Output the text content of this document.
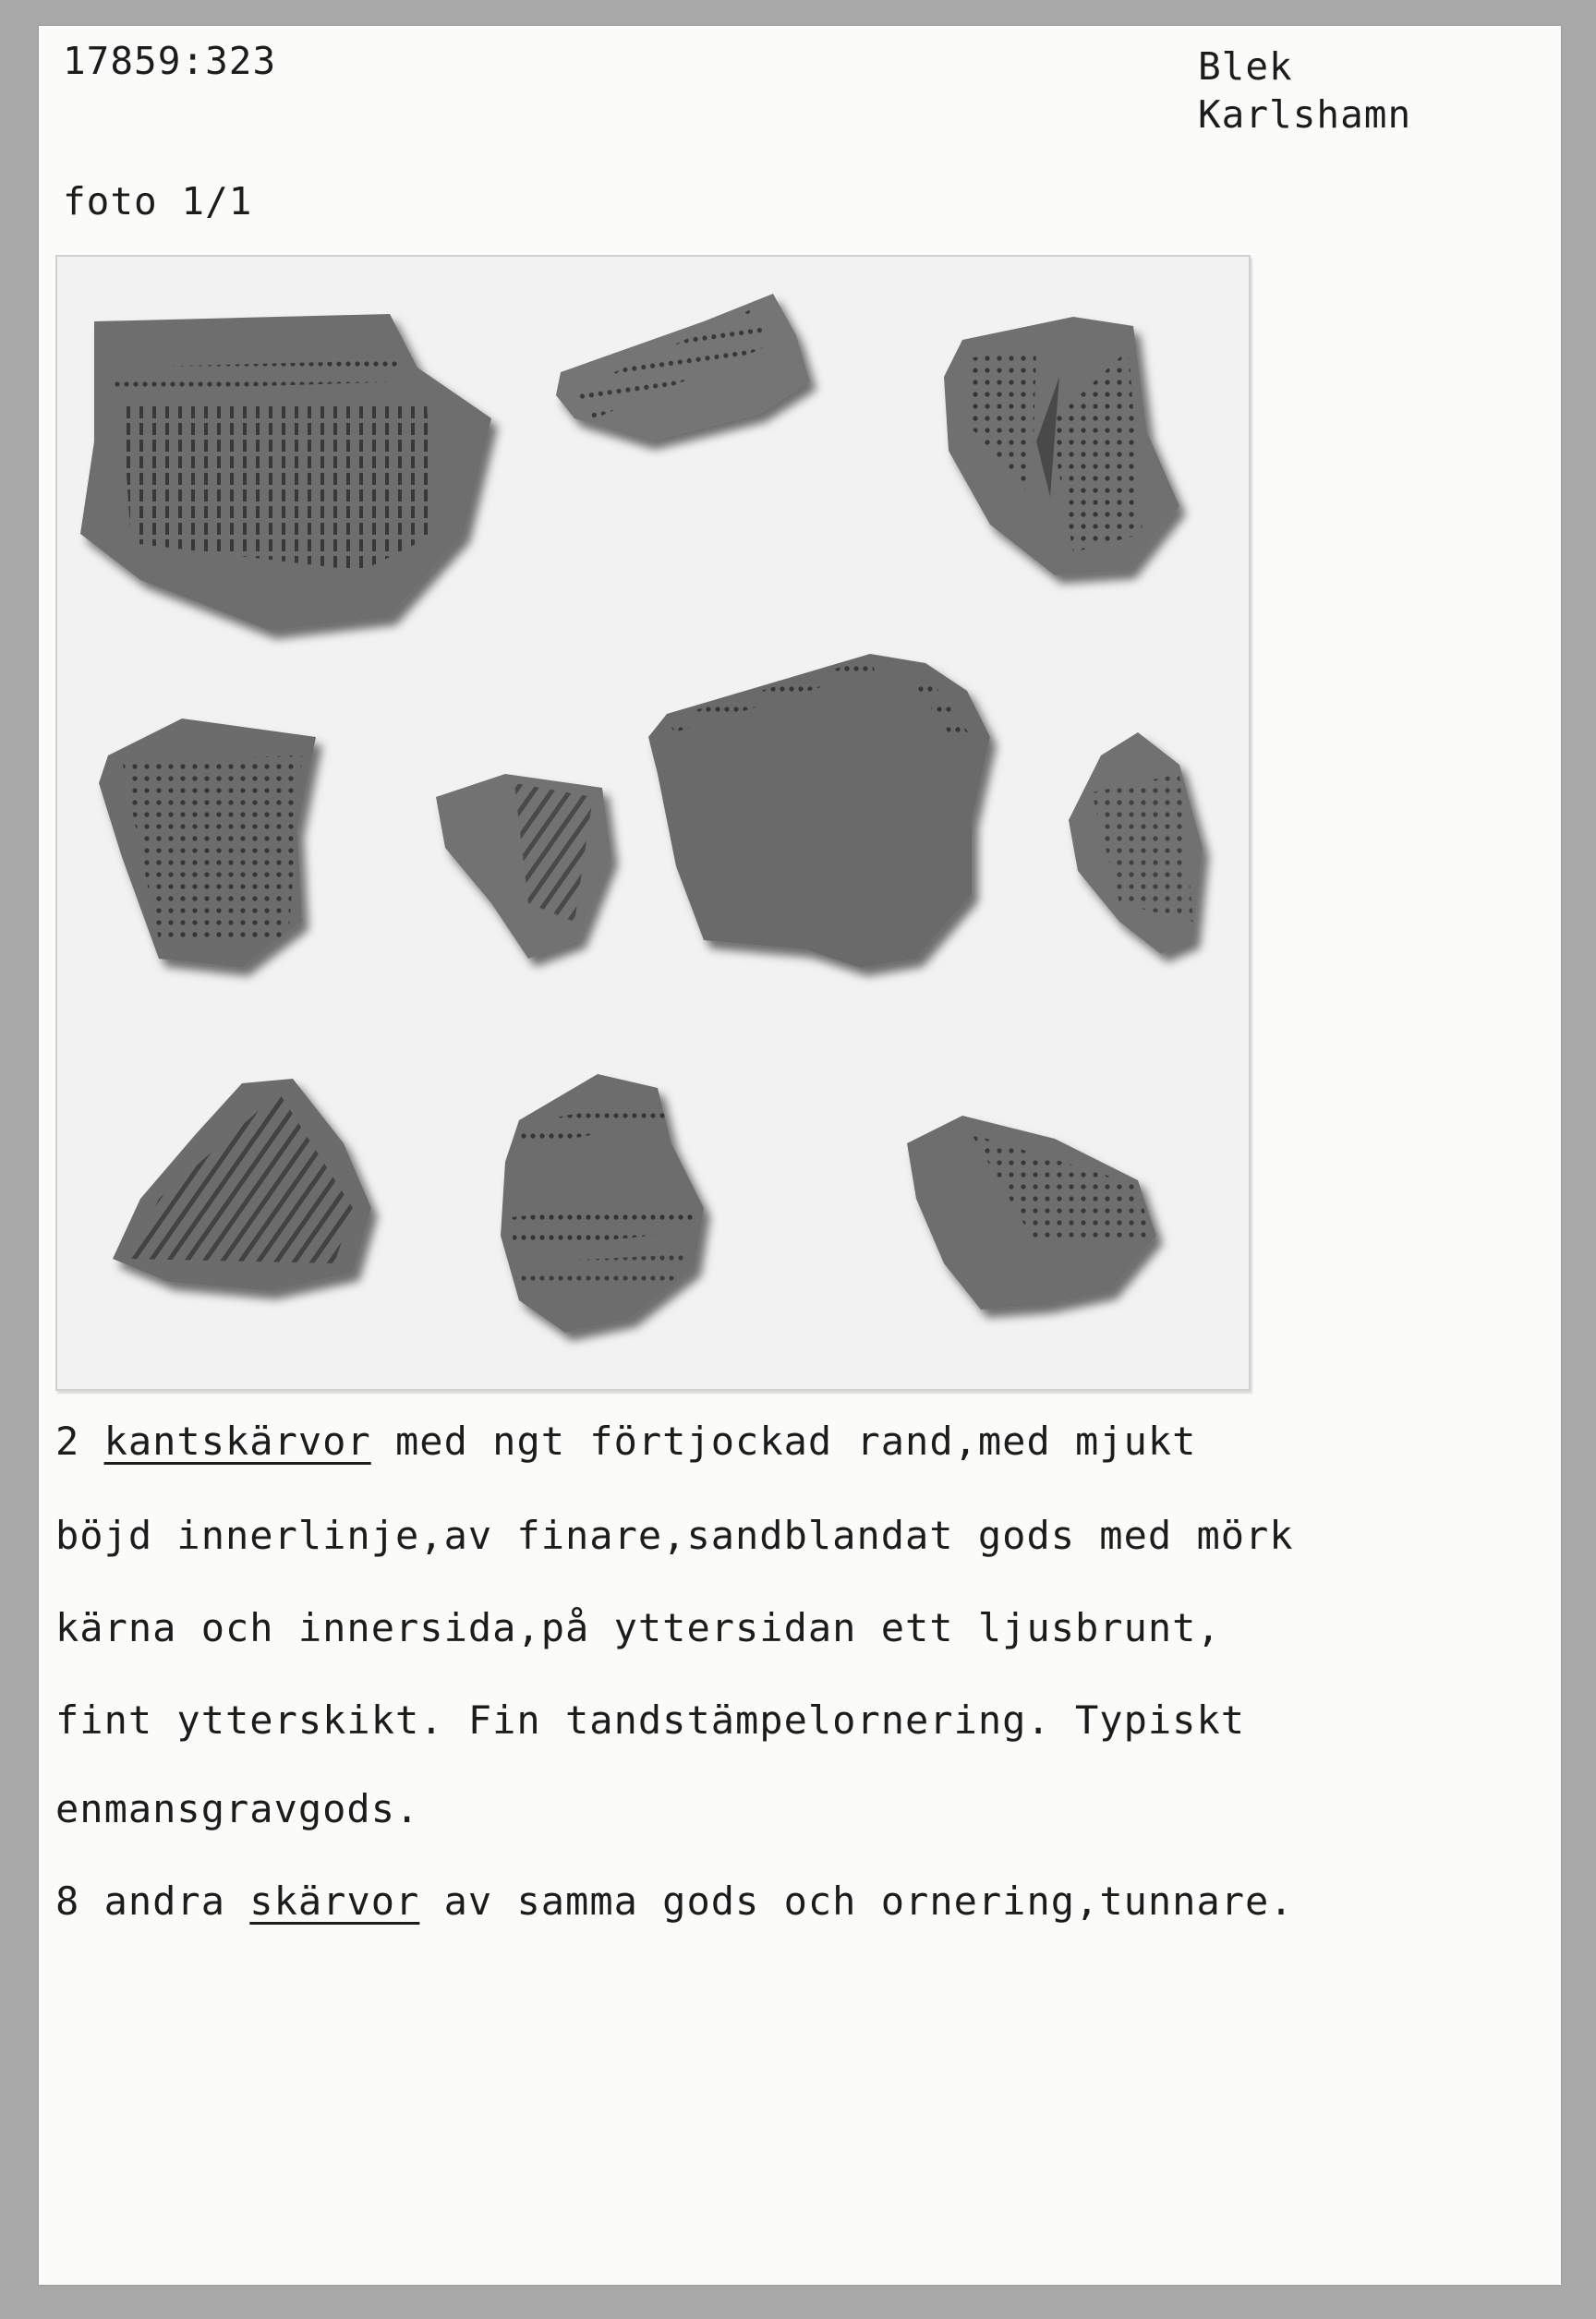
17859:323	Blek
Karlshamn
foto 1/1
2 kantskärvor med ngt förtjockad rand,med mjukt
böjd innerlinje,av finare,sandblandat gods med mörk
kärna och innersida,på yttersidan ett ljusbrunt,
fint ytterskikt. Fin tandstämpelornering. Typiskt
enmansgravgods.
8 andra skärvor av samma gods och ornering,tunnare.
